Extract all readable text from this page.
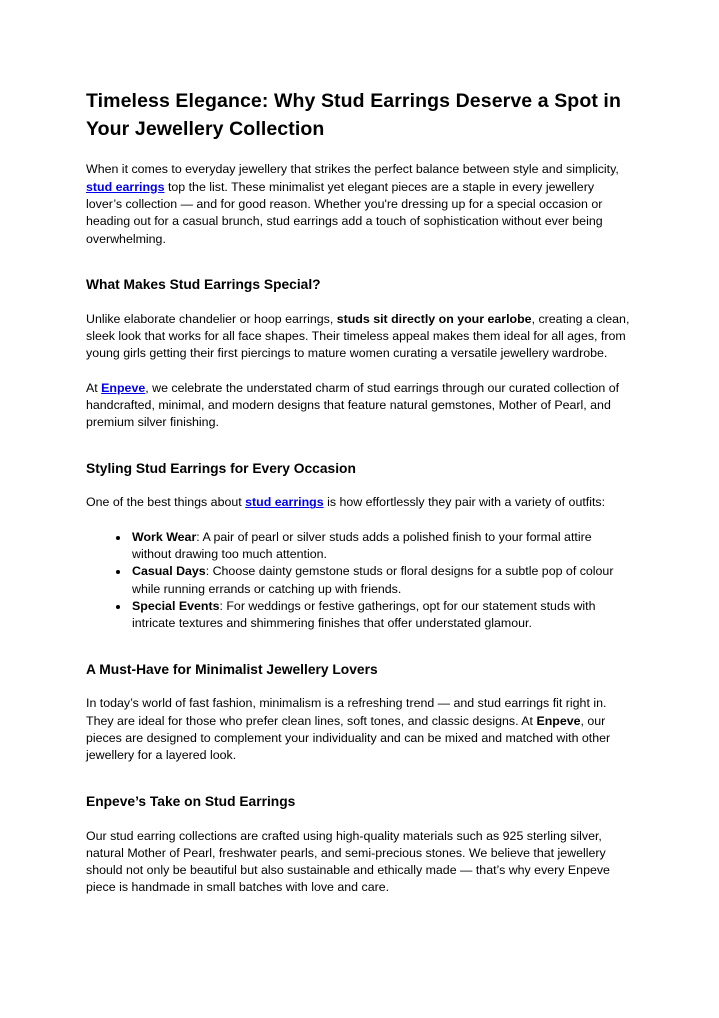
Timeless Elegance: Why Stud Earrings Deserve a Spot in Your Jewellery Collection

When it comes to everyday jewellery that strikes the perfect balance between style and simplicity, stud earrings top the list. These minimalist yet elegant pieces are a staple in every jewellery lover’s collection — and for good reason. Whether you're dressing up for a special occasion or heading out for a casual brunch, stud earrings add a touch of sophistication without ever being overwhelming.

What Makes Stud Earrings Special?

Unlike elaborate chandelier or hoop earrings, studs sit directly on your earlobe, creating a clean, sleek look that works for all face shapes. Their timeless appeal makes them ideal for all ages, from young girls getting their first piercings to mature women curating a versatile jewellery wardrobe.

At Enpeve, we celebrate the understated charm of stud earrings through our curated collection of handcrafted, minimal, and modern designs that feature natural gemstones, Mother of Pearl, and premium silver finishing.

Styling Stud Earrings for Every Occasion

One of the best things about stud earrings is how effortlessly they pair with a variety of outfits:

• Work Wear: A pair of pearl or silver studs adds a polished finish to your formal attire without drawing too much attention.
• Casual Days: Choose dainty gemstone studs or floral designs for a subtle pop of colour while running errands or catching up with friends.
• Special Events: For weddings or festive gatherings, opt for our statement studs with intricate textures and shimmering finishes that offer understated glamour.
A Must-Have for Minimalist Jewellery Lovers

In today’s world of fast fashion, minimalism is a refreshing trend — and stud earrings fit right in. They are ideal for those who prefer clean lines, soft tones, and classic designs. At Enpeve, our pieces are designed to complement your individuality and can be mixed and matched with other jewellery for a layered look.

Enpeve’s Take on Stud Earrings

Our stud earring collections are crafted using high-quality materials such as 925 sterling silver, natural Mother of Pearl, freshwater pearls, and semi-precious stones. We believe that jewellery should not only be beautiful but also sustainable and ethically made — that’s why every Enpeve piece is handmade in small batches with love and care.
